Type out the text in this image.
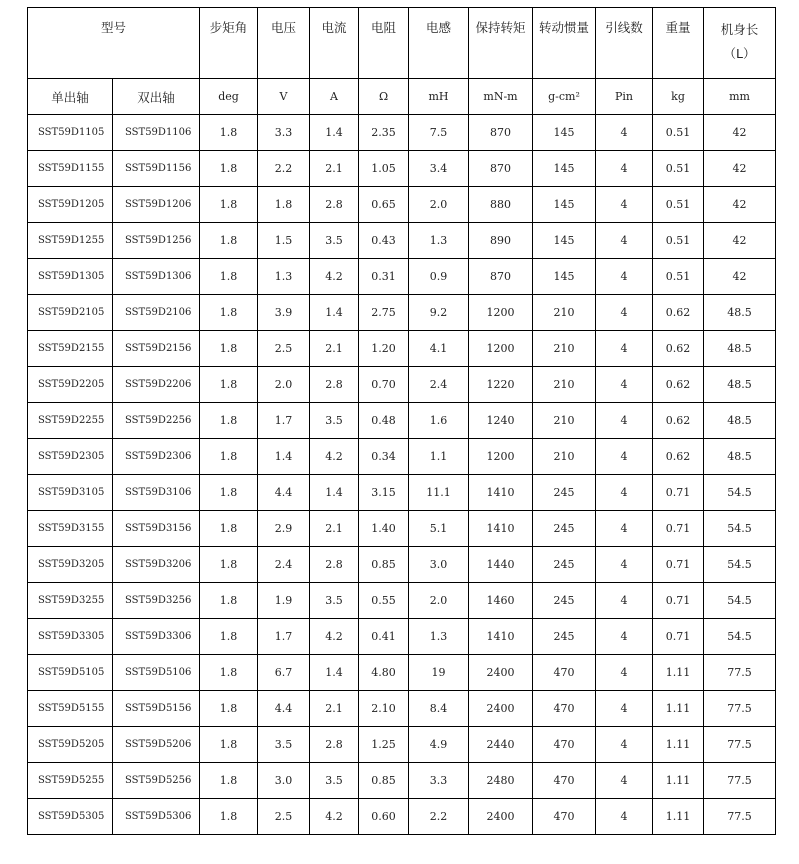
型号		步矩角	电压	电流	电阻	电感	保持转矩	转动惯量	引线数	重量	机身长
（L）

单出轴	双出轴	deg	V	A	Ω	mH	mN-m	g-cm²	Pin	kg	mm
SST59D1105	SST59D1106	1.8	3.3	1.4	2.35	7.5	870	145	4	0.51	42
SST59D1155	SST59D1156	1.8	2.2	2.1	1.05	3.4	870	145	4	0.51	42
SST59D1205	SST59D1206	1.8	1.8	2.8	0.65	2.0	880	145	4	0.51	42
SST59D1255	SST59D1256	1.8	1.5	3.5	0.43	1.3	890	145	4	0.51	42
SST59D1305	SST59D1306	1.8	1.3	4.2	0.31	0.9	870	145	4	0.51	42
SST59D2105	SST59D2106	1.8	3.9	1.4	2.75	9.2	1200	210	4	0.62	48.5
SST59D2155	SST59D2156	1.8	2.5	2.1	1.20	4.1	1200	210	4	0.62	48.5
SST59D2205	SST59D2206	1.8	2.0	2.8	0.70	2.4	1220	210	4	0.62	48.5
SST59D2255	SST59D2256	1.8	1.7	3.5	0.48	1.6	1240	210	4	0.62	48.5
SST59D2305	SST59D2306	1.8	1.4	4.2	0.34	1.1	1200	210	4	0.62	48.5
SST59D3105	SST59D3106	1.8	4.4	1.4	3.15	11.1	1410	245	4	0.71	54.5
SST59D3155	SST59D3156	1.8	2.9	2.1	1.40	5.1	1410	245	4	0.71	54.5
SST59D3205	SST59D3206	1.8	2.4	2.8	0.85	3.0	1440	245	4	0.71	54.5
SST59D3255	SST59D3256	1.8	1.9	3.5	0.55	2.0	1460	245	4	0.71	54.5
SST59D3305	SST59D3306	1.8	1.7	4.2	0.41	1.3	1410	245	4	0.71	54.5
SST59D5105	SST59D5106	1.8	6.7	1.4	4.80	19	2400	470	4	1.11	77.5
SST59D5155	SST59D5156	1.8	4.4	2.1	2.10	8.4	2400	470	4	1.11	77.5
SST59D5205	SST59D5206	1.8	3.5	2.8	1.25	4.9	2440	470	4	1.11	77.5
SST59D5255	SST59D5256	1.8	3.0	3.5	0.85	3.3	2480	470	4	1.11	77.5
SST59D5305	SST59D5306	1.8	2.5	4.2	0.60	2.2	2400	470	4	1.11	77.5
